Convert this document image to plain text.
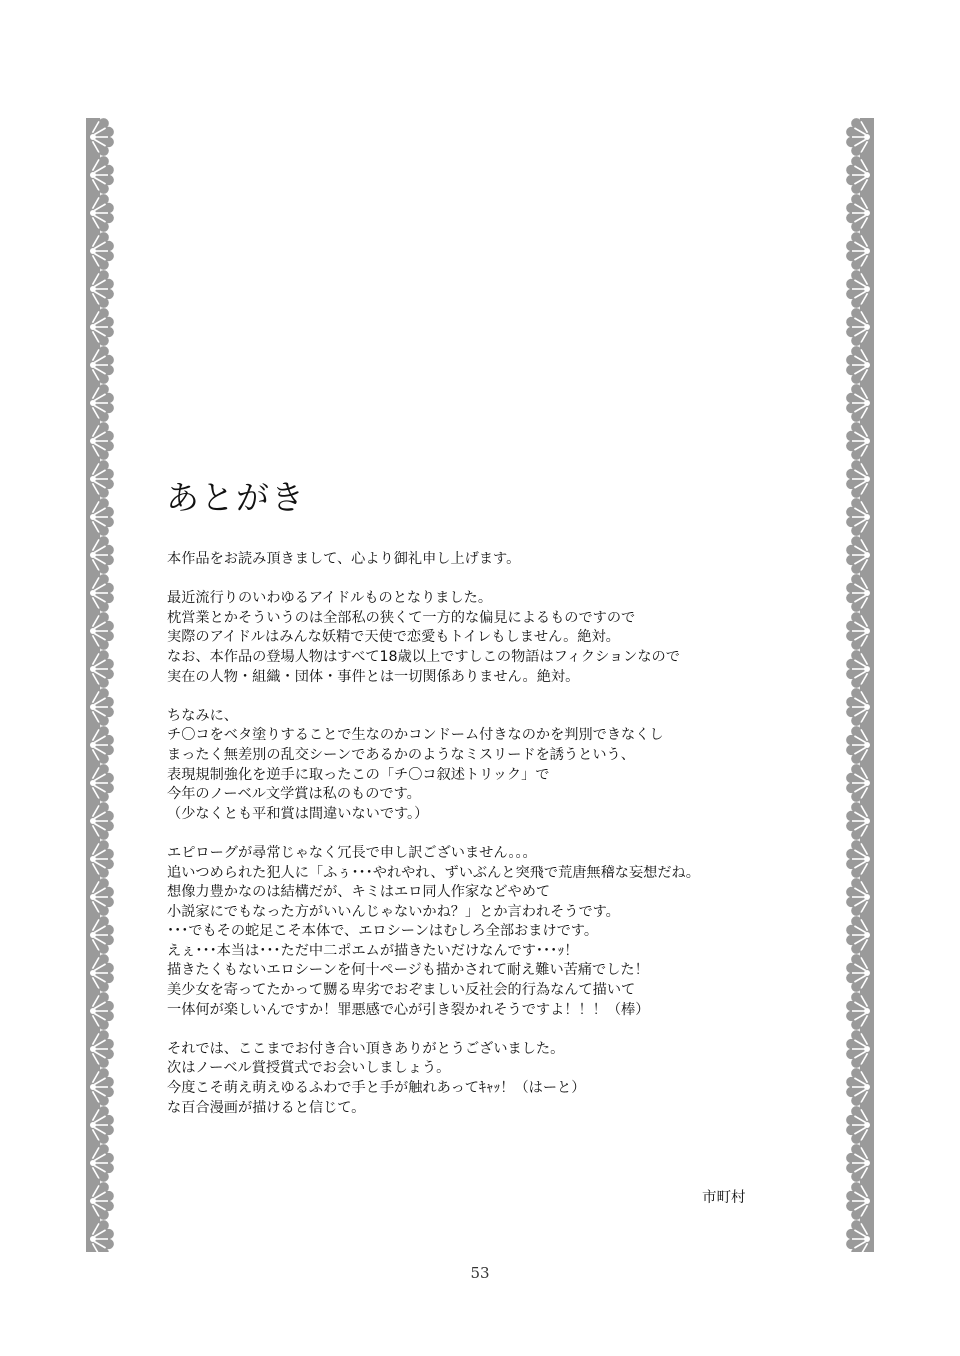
あとがき
本作品をお読み頂きまして、心より御礼申し上げます。
最近流行りのいわゆるアイドルものとなりました。
枕営業とかそういうのは全部私の狭くて一方的な偏見によるものですので
実際のアイドルはみんな妖精で天使で恋愛もトイレもしません。絶対。
なお、本作品の登場人物はすべて18歳以上ですしこの物語はフィクションなので
実在の人物・組織・団体・事件とは一切関係ありません。絶対。
ちなみに、
チ〇コをベタ塗りすることで生なのかコンドーム付きなのかを判別できなくし
まったく無差別の乱交シーンであるかのようなミスリードを誘うという、
表現規制強化を逆手に取ったこの「チ〇コ叙述トリック」で
今年のノーベル文学賞は私のものです。
（少なくとも平和賞は間違いないです。）
エピローグが尋常じゃなく冗長で申し訳ございません。。。
追いつめられた犯人に「ふぅ･･･やれやれ、ずいぶんと突飛で荒唐無稽な妄想だね。
想像力豊かなのは結構だが、キミはエロ同人作家などやめて
小説家にでもなった方がいいんじゃないかね？」とか言われそうです。
･･･でもその蛇足こそ本体で、エロシーンはむしろ全部おまけです。
えぇ･･･本当は･･･ただ中二ポエムが描きたいだけなんです･･･ｯ！
描きたくもないエロシーンを何十ページも描かされて耐え難い苦痛でした！
美少女を寄ってたかって嬲る卑劣でおぞましい反社会的行為なんて描いて
一体何が楽しいんですか！罪悪感で心が引き裂かれそうですよ！！！（棒）
それでは、ここまでお付き合い頂きありがとうございました。
次はノーベル賞授賞式でお会いしましょう。
今度こそ萌え萌えゆるふわで手と手が触れあってｷｬｯ！（はーと）
な百合漫画が描けると信じて。
市町村
53
